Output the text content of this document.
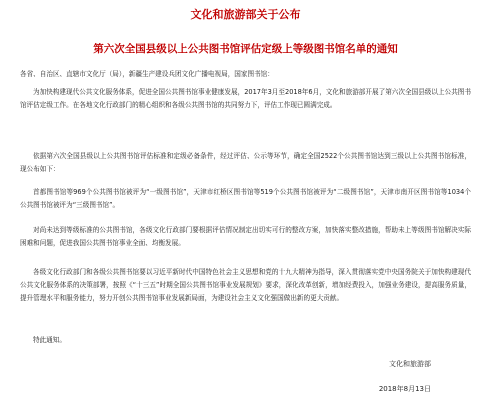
文化和旅游部关于公布
第六次全国县级以上公共图书馆评估定级上等级图书馆名单的通知

各省、自治区、直辖市文化厅（局），新疆生产建设兵团文化广播电视局，国家图书馆：

为加快构建现代公共文化服务体系，促进全国公共图书馆事业健康发展，2017年3月至2018年6月，文化和旅游部开展了第六次全国县级以上公共图书馆评估定级工作。在各地文化行政部门的精心组织和各级公共图书馆的共同努力下，评估工作现已圆满完成。

依据第六次全国县级以上公共图书馆评估标准和定级必备条件，经过评估、公示等环节，确定全国2522个公共图书馆达到三级以上公共图书馆标准，现公布如下：

首都图书馆等969个公共图书馆被评为“一级图书馆”，天津市红桥区图书馆等519个公共图书馆被评为“二级图书馆”，天津市南开区图书馆等1034个公共图书馆被评为“三级图书馆”。

对尚未达到等级标准的公共图书馆，各级文化行政部门要根据评估情况制定出切实可行的整改方案，加快落实整改措施，帮助未上等级图书馆解决实际困难和问题，促进我国公共图书馆事业全面、均衡发展。

各级文化行政部门和各级公共图书馆要以习近平新时代中国特色社会主义思想和党的十九大精神为指导，深入贯彻落实党中央国务院关于加快构建现代公共文化服务体系的决策部署，按照《“十三五”时期全国公共图书馆事业发展规划》要求，深化改革创新，增加经费投入，加强业务建设，提高服务质量，提升管理水平和服务能力，努力开创公共图书馆事业发展新局面，为建设社会主义文化强国做出新的更大贡献。

特此通知。

文化和旅游部
2018年8月13日
